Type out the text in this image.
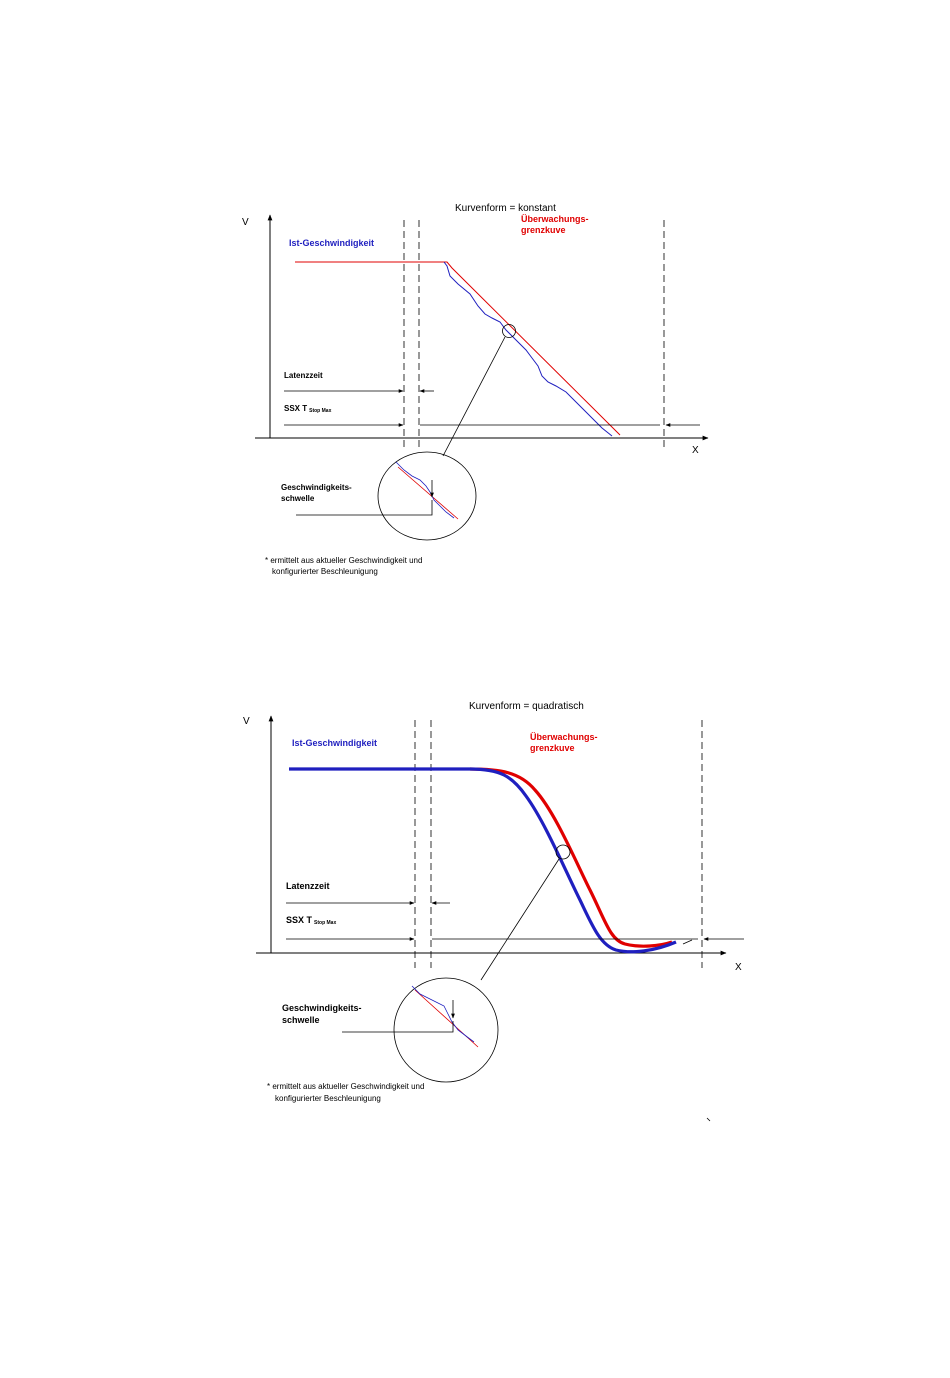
Kurvenform = konstant
V
X
Ist-Geschwindigkeit
Überwachungs-
grenzkuve
Latenzzeit
SSX T Stop Max
Geschwindigkeits-
schwelle
* ermittelt aus aktueller Geschwindigkeit und
konfigurierter Beschleunigung
Kurvenform = quadratisch
V
X
Ist-Geschwindigkeit
Überwachungs-
grenzkuve
Latenzzeit
SSX T Stop Max
Geschwindigkeits-
schwelle
* ermittelt aus aktueller Geschwindigkeit und
konfigurierter Beschleunigung
